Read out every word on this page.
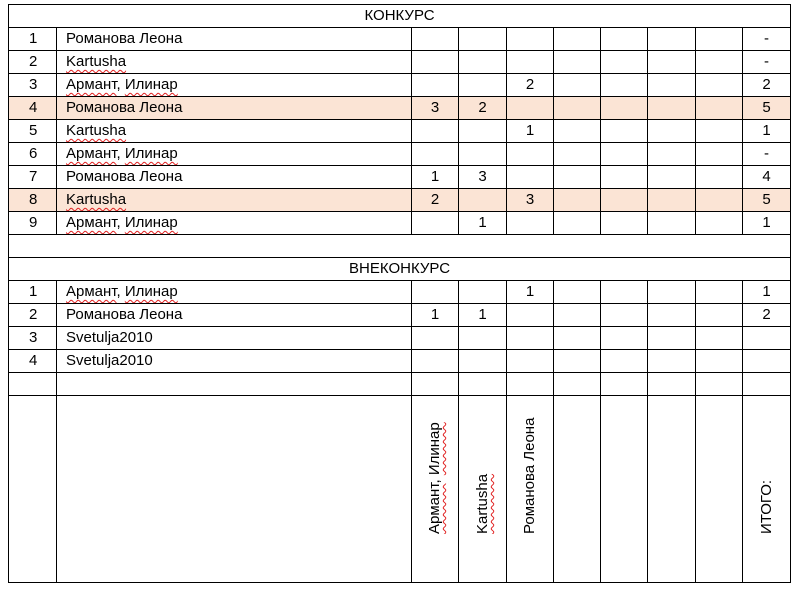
КОНКУРС									
1	Романова Леона								-
2	Kartusha								-
3	Армант, Илинар			2					2
4	Романова Леона	3	2						5
5	Kartusha			1					1
6	Армант, Илинар								-
7	Романова Леона	1	3						4
8	Kartusha	2		3					5
9	Армант, Илинар		1						1

ВНЕКОНКУРС									
1	Армант, Илинар			1					1
2	Романова Леона	1	1						2
3	Svetulja2010								
4	Svetulja2010								

		Армант, Илинар	Kartusha	Романова Леона					ИТОГО:
